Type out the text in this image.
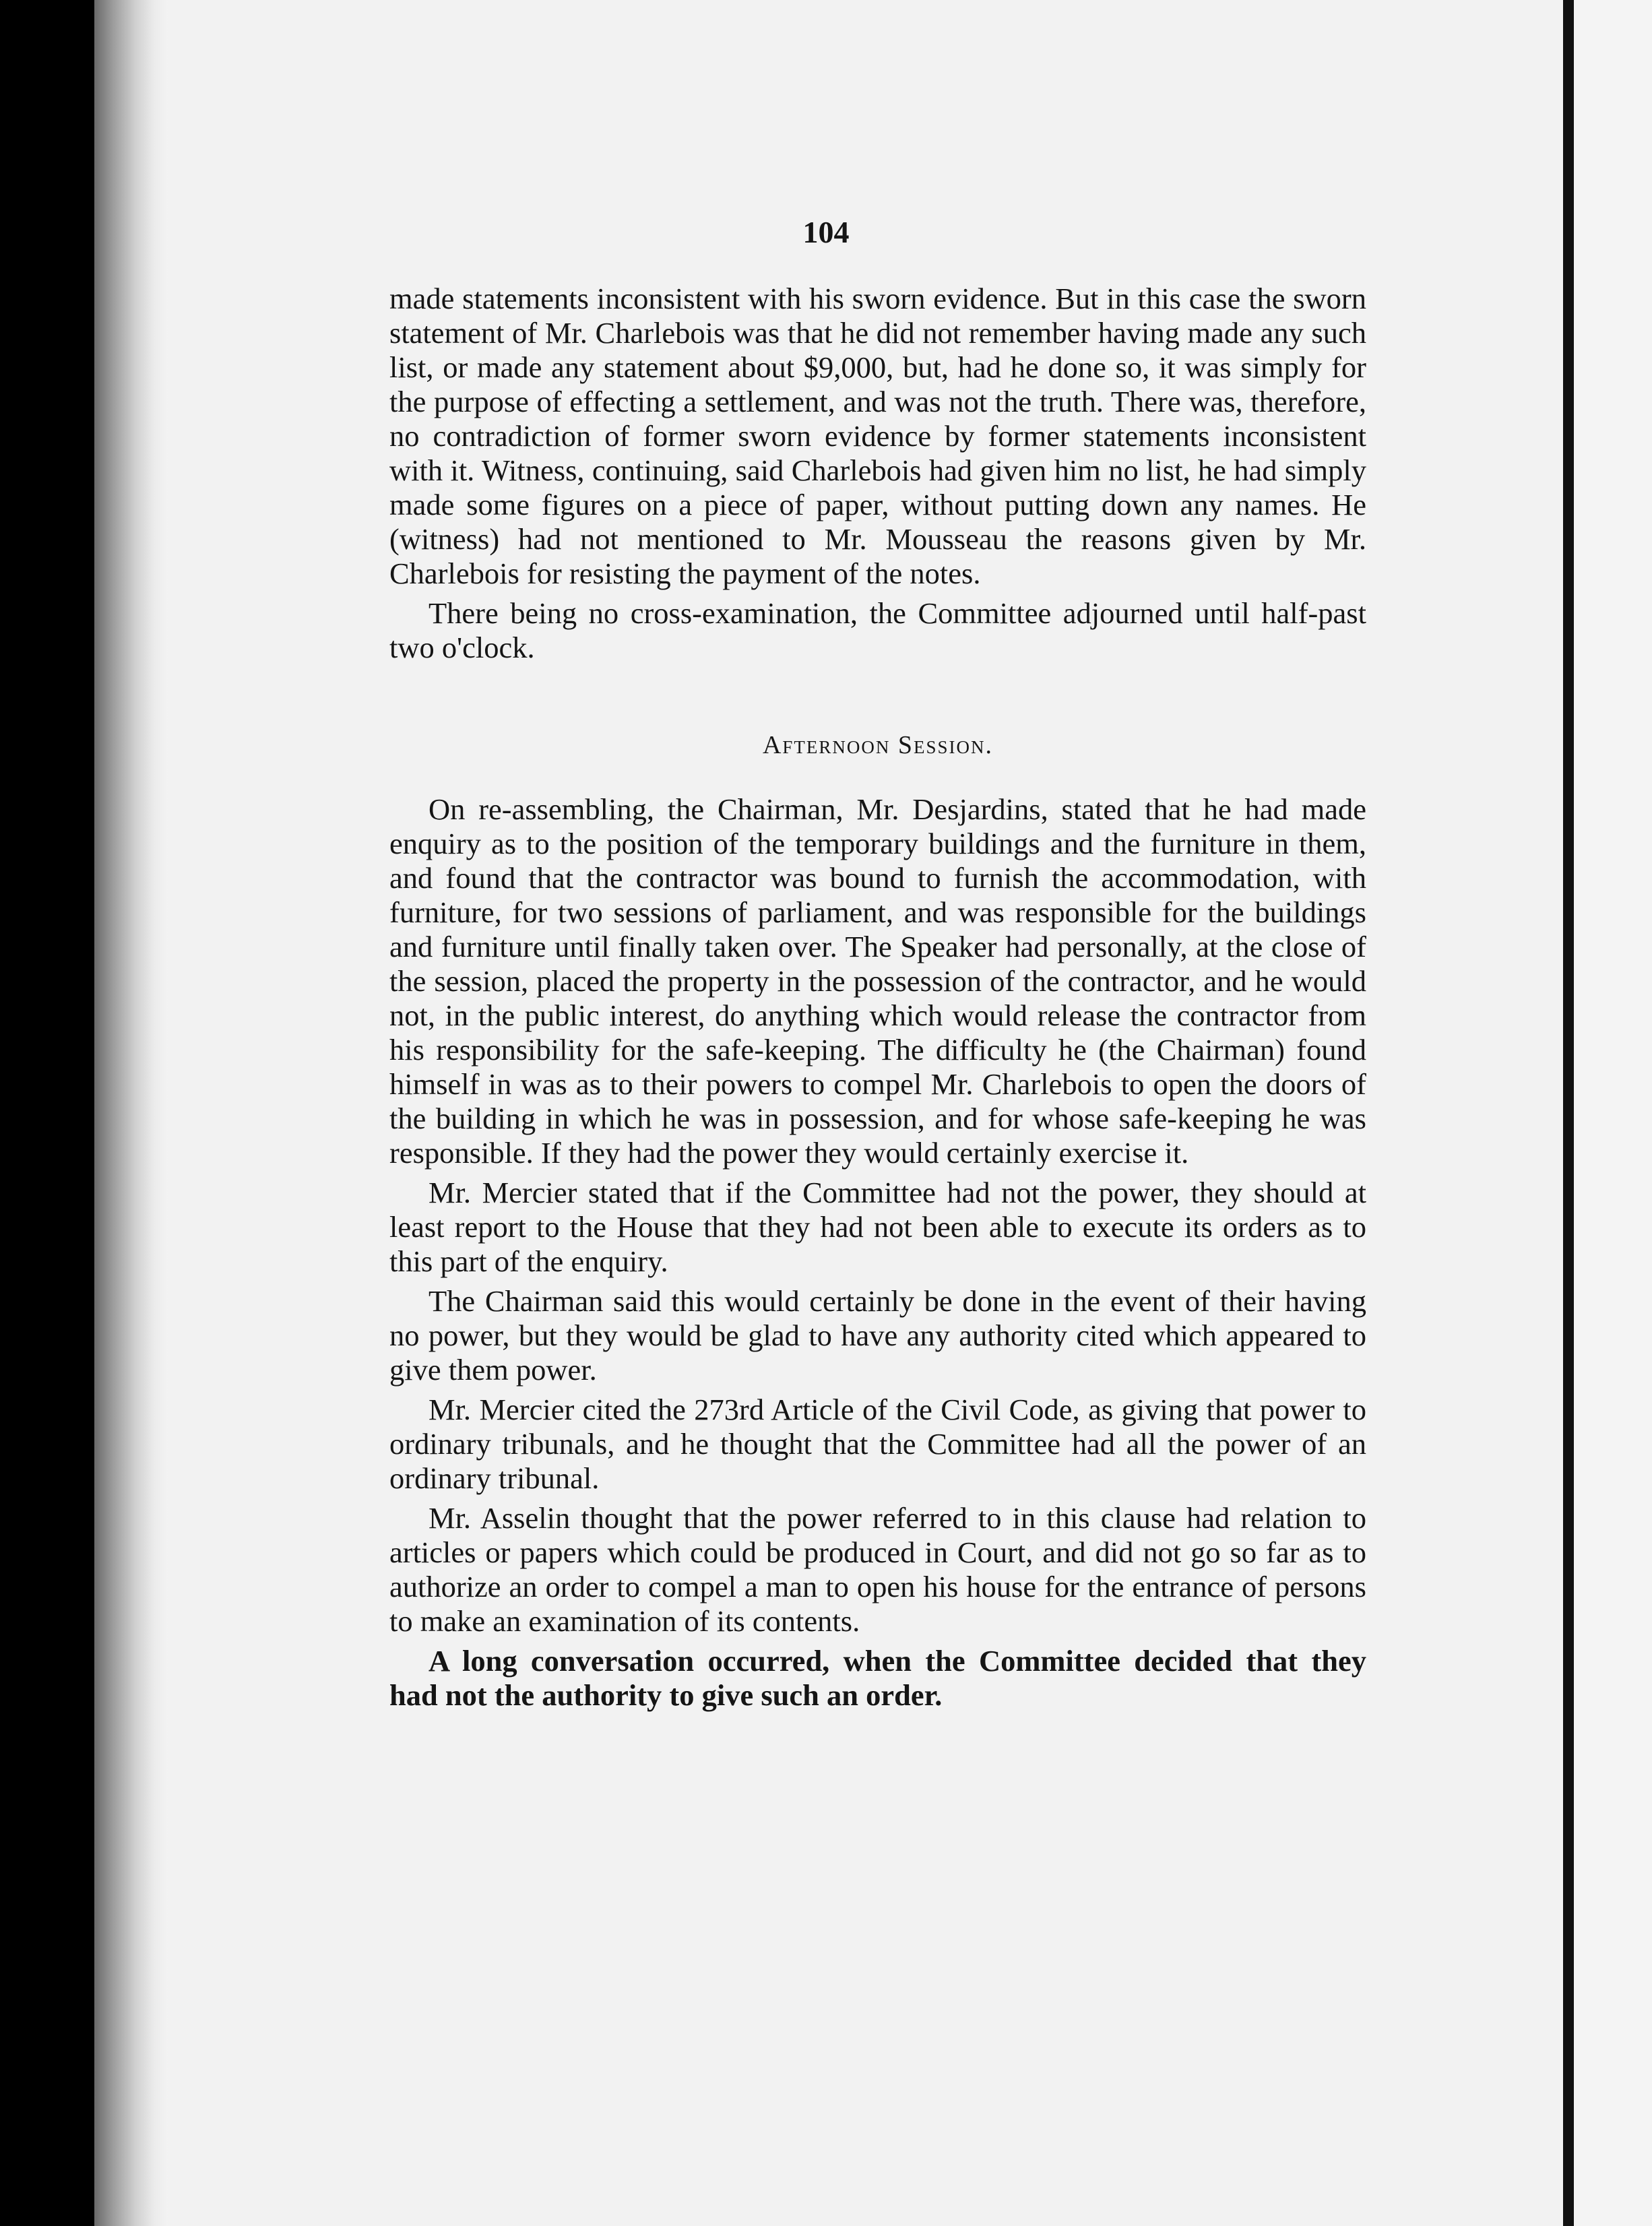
104

made statements inconsistent with his sworn evidence. But in this case the sworn statement of Mr. Charlebois was that he did not remember having made any such list, or made any statement about $9,000, but, had he done so, it was simply for the purpose of effecting a settlement, and was not the truth. There was, therefore, no contradiction of former sworn evidence by former statements inconsistent with it. Witness, continuing, said Charlebois had given him no list, he had simply made some figures on a piece of paper, without putting down any names. He (witness) had not mentioned to Mr. Mousseau the reasons given by Mr. Charlebois for resisting the payment of the notes.

There being no cross-examination, the Committee adjourned until half-past two o'clock.

Afternoon Session.

On re-assembling, the Chairman, Mr. Desjardins, stated that he had made enquiry as to the position of the temporary buildings and the furniture in them, and found that the contractor was bound to furnish the accommodation, with furniture, for two sessions of parliament, and was responsible for the buildings and furniture until finally taken over. The Speaker had personally, at the close of the session, placed the property in the possession of the contractor, and he would not, in the public interest, do anything which would release the contractor from his responsibility for the safe-keeping. The difficulty he (the Chairman) found himself in was as to their powers to compel Mr. Charlebois to open the doors of the building in which he was in possession, and for whose safe-keeping he was responsible. If they had the power they would certainly exercise it.

Mr. Mercier stated that if the Committee had not the power, they should at least report to the House that they had not been able to execute its orders as to this part of the enquiry.

The Chairman said this would certainly be done in the event of their having no power, but they would be glad to have any authority cited which appeared to give them power.

Mr. Mercier cited the 273rd Article of the Civil Code, as giving that power to ordinary tribunals, and he thought that the Committee had all the power of an ordinary tribunal.

Mr. Asselin thought that the power referred to in this clause had relation to articles or papers which could be produced in Court, and did not go so far as to authorize an order to compel a man to open his house for the entrance of persons to make an examination of its contents.

A long conversation occurred, when the Committee decided that they had not the authority to give such an order.
